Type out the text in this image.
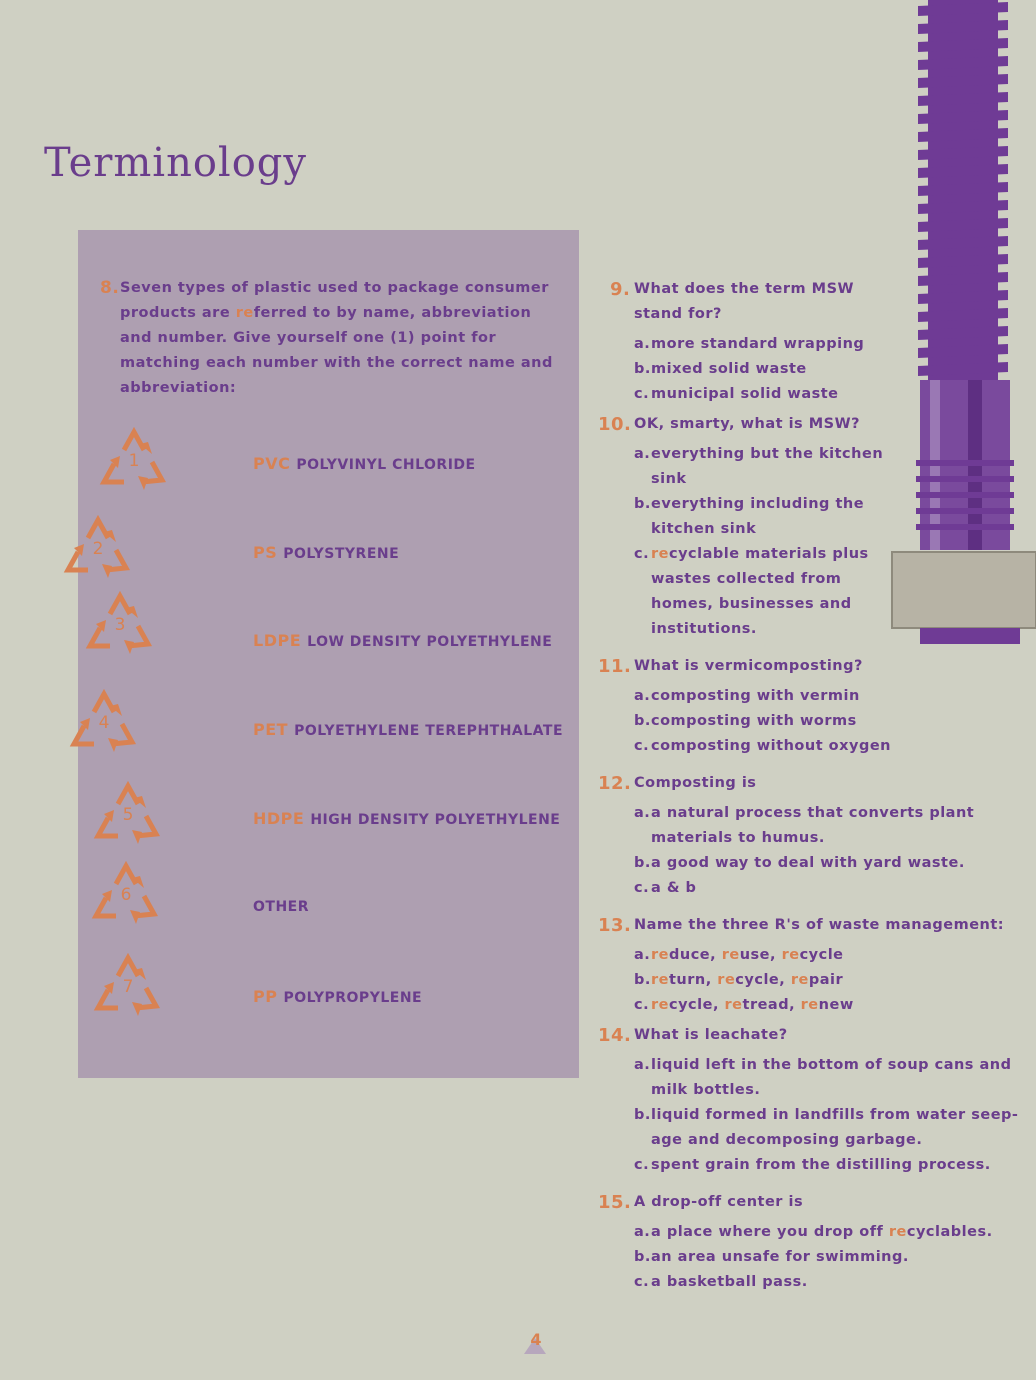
Terminology
8. Seven types of plastic used to package consumer products are referred to by name, abbreviation and number. Give yourself one (1) point for matching each number with the correct name and abbreviation:
1
2
3
4
5
6
7
PVC POLYVINYL CHLORIDE
PS POLYSTYRENE
LDPE LOW DENSITY POLYETHYLENE
PET POLYETHYLENE TEREPHTHALATE
HDPE HIGH DENSITY POLYETHYLENE
OTHER
PP POLYPROPYLENE
9. What does the term MSW
stand for?
a. more standard wrapping
b. mixed solid waste
c. municipal solid waste
10. OK, smarty, what is MSW?
a. everything but the kitchen
sink
b. everything including the
kitchen sink
c. recyclable materials plus
wastes collected from
homes, businesses and
institutions.
11. What is vermicomposting?
a. composting with vermin
b. composting with worms
c. composting without oxygen
12. Composting is
a. a natural process that converts plant
materials to humus.
b. a good way to deal with yard waste.
c. a & b
13. Name the three R's of waste management:
a. reduce, reuse, recycle
b. return, recycle, repair
c. recycle, retread, renew
14. What is leachate?
a. liquid left in the bottom of soup cans and
milk bottles.
b. liquid formed in landfills from water seep-
age and decomposing garbage.
c. spent grain from the distilling process.
15. A drop-off center is
a. a place where you drop off recyclables.
b. an area unsafe for swimming.
c. a basketball pass.
4
